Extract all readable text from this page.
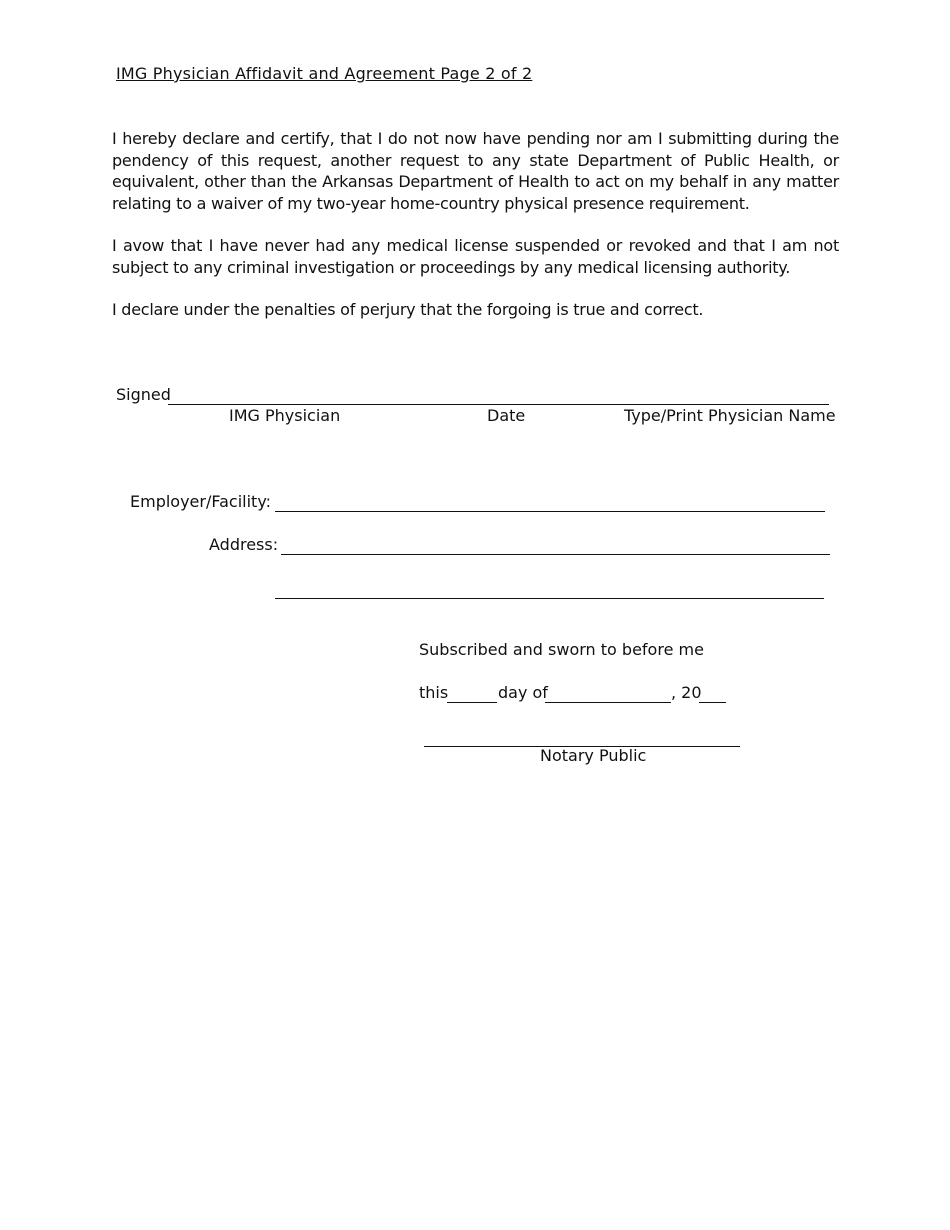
IMG Physician Affidavit and Agreement Page 2 of 2

I hereby declare and certify, that I do not now have pending nor am I submitting during the pendency of this request, another request to any state Department of Public Health, or equivalent, other than the Arkansas Department of Health to act on my behalf in any matter relating to a waiver of my two-year home-country physical presence requirement.

I avow that I have never had any medical license suspended or revoked and that I am not subject to any criminal investigation or proceedings by any medical licensing authority.

I declare under the penalties of perjury that the forgoing is true and correct.

Signed
IMG Physician	Date	Type/Print Physician Name
Employer/Facility:
Address:
Subscribed and sworn to before me
this	day of	, 20
Notary Public
